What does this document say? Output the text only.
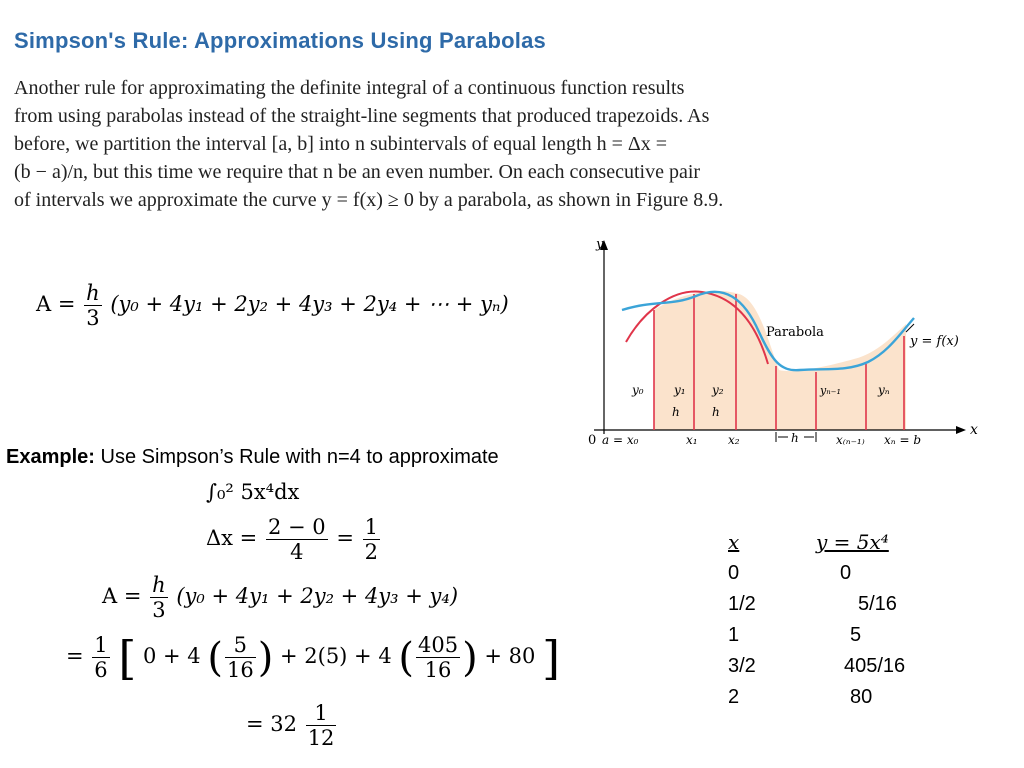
Simpson's Rule: Approximations Using Parabolas

Another rule for approximating the definite integral of a continuous function results
from using parabolas instead of the straight-line segments that produced trapezoids. As
before, we partition the interval [a, b] into n subintervals of equal length h = Δx =
(b − a)/n, but this time we require that n be an even number. On each consecutive pair
of intervals we approximate the curve y = f(x) ≥ 0 by a parabola, as shown in Figure 8.9.

$A = \frac{h}{3} (y_0 + 4y_1 + 2y_2 + 4y_3 + 2y_4$ + ⋯ + yₙ)
y
x
Parabola
y = f(x)
0 a = x₀	x₁	x₂	x₍ₙ₋₁₎ xₙ = b
h
y₀	y₁ y₂	yₙ₋₁	yₙ
h	h
Example: Use Simpson’s Rule with n=4 to approximate
∫₀² 5x⁴dx
$\Delta x = \frac{2 - 0}{4} = \frac{1}{2}$
$A = \frac{h}{3} (y_0 + 4y_1 + 2y_2 + 4y_3 + y_4)$
= $\frac{1}{6}$ [ 0 + 4 ( $\frac{5}{16}$ ) + 2(5) + 4 ( $\frac{405}{16}$ ) + 80 ]
= $32 \frac{1}{12}$
x	y = 5x⁴
0	0
1/2	5/16
1	5
3/2	405/16
2	80
